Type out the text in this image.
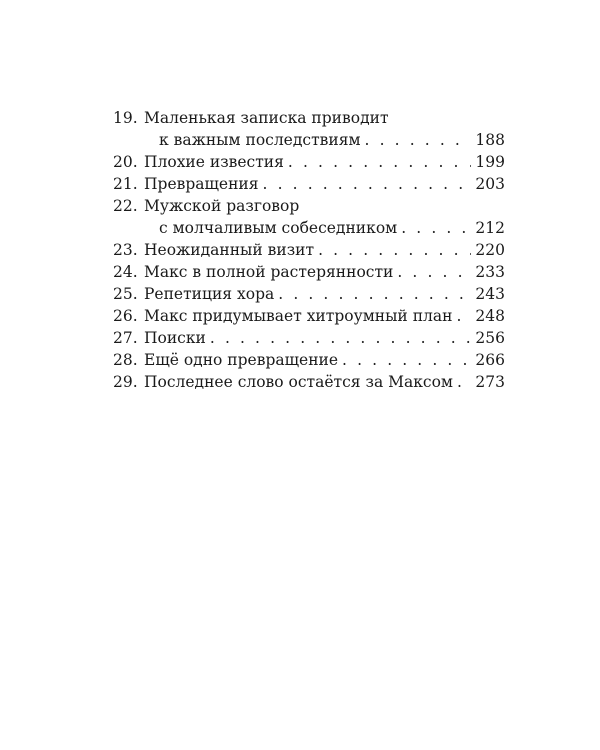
19. Маленькая записка приводит
к важным последствиям . . .	188
20. Плохие известия . . .	199
21. Превращения . . .	203
22. Мужской разговор
с молчаливым собеседником . . .	212
23. Неожиданный визит . . .	220
24. Макс в полной растерянности . . .	233
25. Репетиция хора . . .	243
26. Макс придумывает хитроумный план . . . 248
27. Поиски . . .	256
28. Ещё одно превращение . . .	266
29. Последнее слово остаётся за Максом . . . 273
